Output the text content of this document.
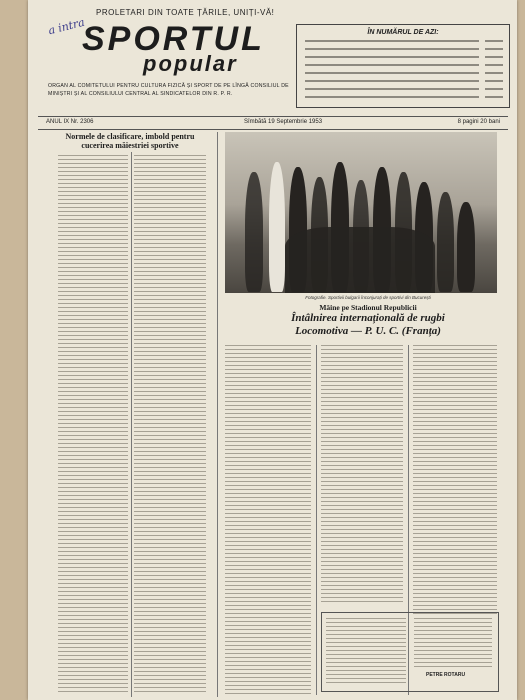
PROLETARI DIN TOATE ȚĂRILE, UNIȚI-VĂ!
a intra
SPORTUL
popular
ORGAN AL COMITETULUI PENTRU CULTURA FIZICĂ ȘI SPORT DE PE LÎNGĂ CONSILIUL DE MINIȘTRI ȘI AL CONSILIULUI CENTRAL AL SINDICATELOR DIN R. P. R.
ÎN NUMĂRUL DE AZI:
ANUL IX Nr. 2306	Sîmbătă 19 Septembrie 1953	8 pagini 20 bani
Normele de clasificare, imbold pentru cucerirea măiestriei sportive
Fotografie. Sportivii bulgarii înconjurați de sportivi din București
Mâine pe Stadionul Republicii
Întâlnirea internațională de rugbi
Locomotiva — P. U. C. (Franța)
PETRE ROTARU
